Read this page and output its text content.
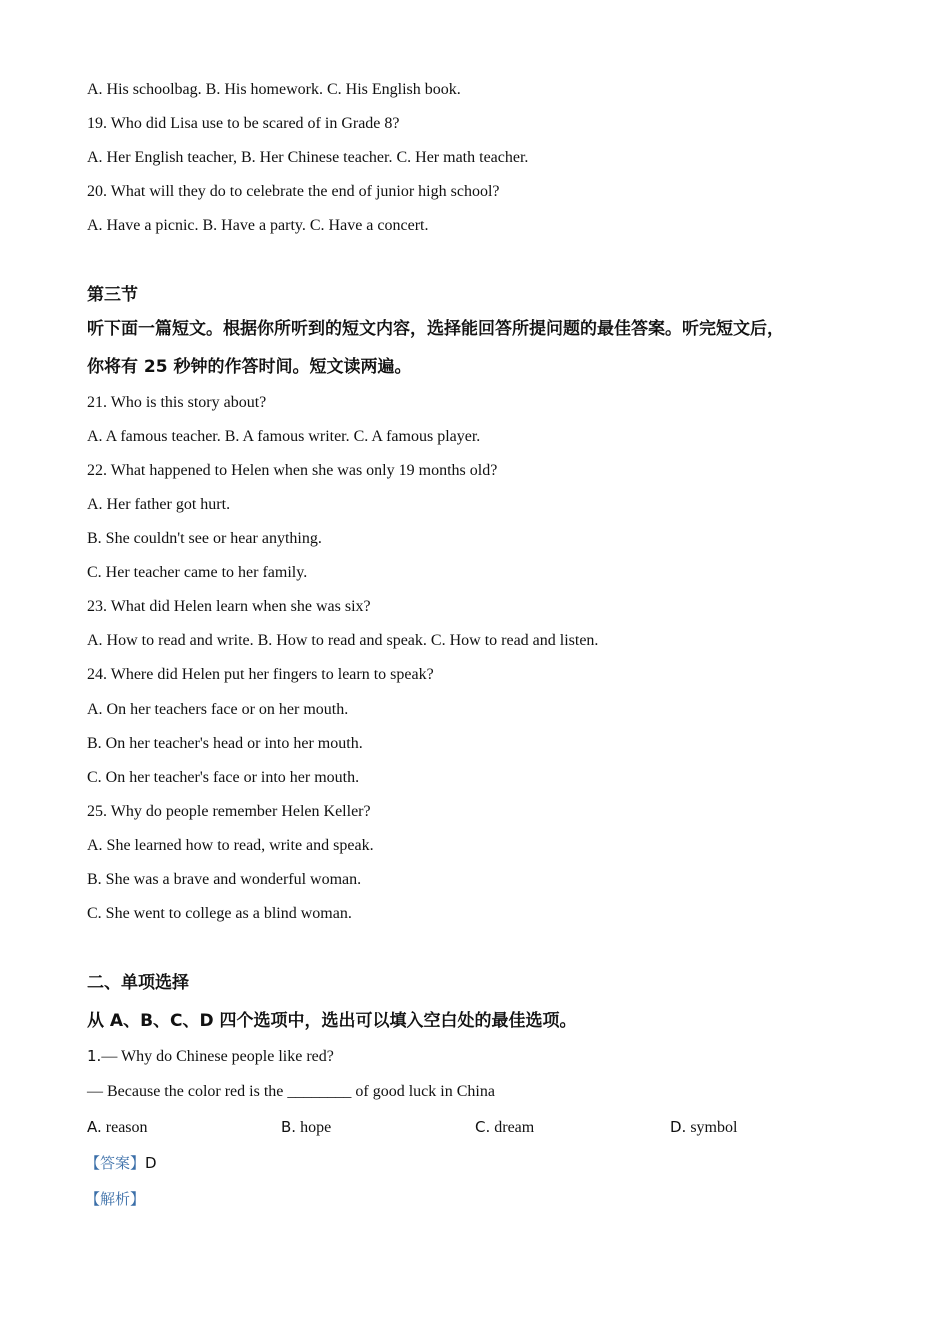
A. His schoolbag. B. His homework. C. His English book.
19. Who did Lisa use to be scared of in Grade 8?
A. Her English teacher, B. Her Chinese teacher. C. Her math teacher.
20. What will they do to celebrate the end of junior high school?
A. Have a picnic. B. Have a party. C. Have a concert.
第三节
听下面一篇短文。根据你所听到的短文内容，选择能回答所提问题的最佳答案。听完短文后，
你将有 25 秒钟的作答时间。短文读两遍。
21. Who is this story about?
A. A famous teacher. B. A famous writer. C. A famous player.
22. What happened to Helen when she was only 19 months old?
A. Her father got hurt.
B. She couldn't see or hear anything.
C. Her teacher came to her family.
23. What did Helen learn when she was six?
A. How to read and write. B. How to read and speak. C. How to read and listen.
24. Where did Helen put her fingers to learn to speak?
A. On her teachers face or on her mouth.
B. On her teacher's head or into her mouth.
C. On her teacher's face or into her mouth.
25. Why do people remember Helen Keller?
A. She learned how to read, write and speak.
B. She was a brave and wonderful woman.
C. She went to college as a blind woman.
二、单项选择
从 A、B、C、D 四个选项中，选出可以填入空白处的最佳选项。
1.— Why do Chinese people like red?
— Because the color red is the ________ of good luck in China
A. reason	B. hope	C. dream	D. symbol
【答案】D
【解析】
